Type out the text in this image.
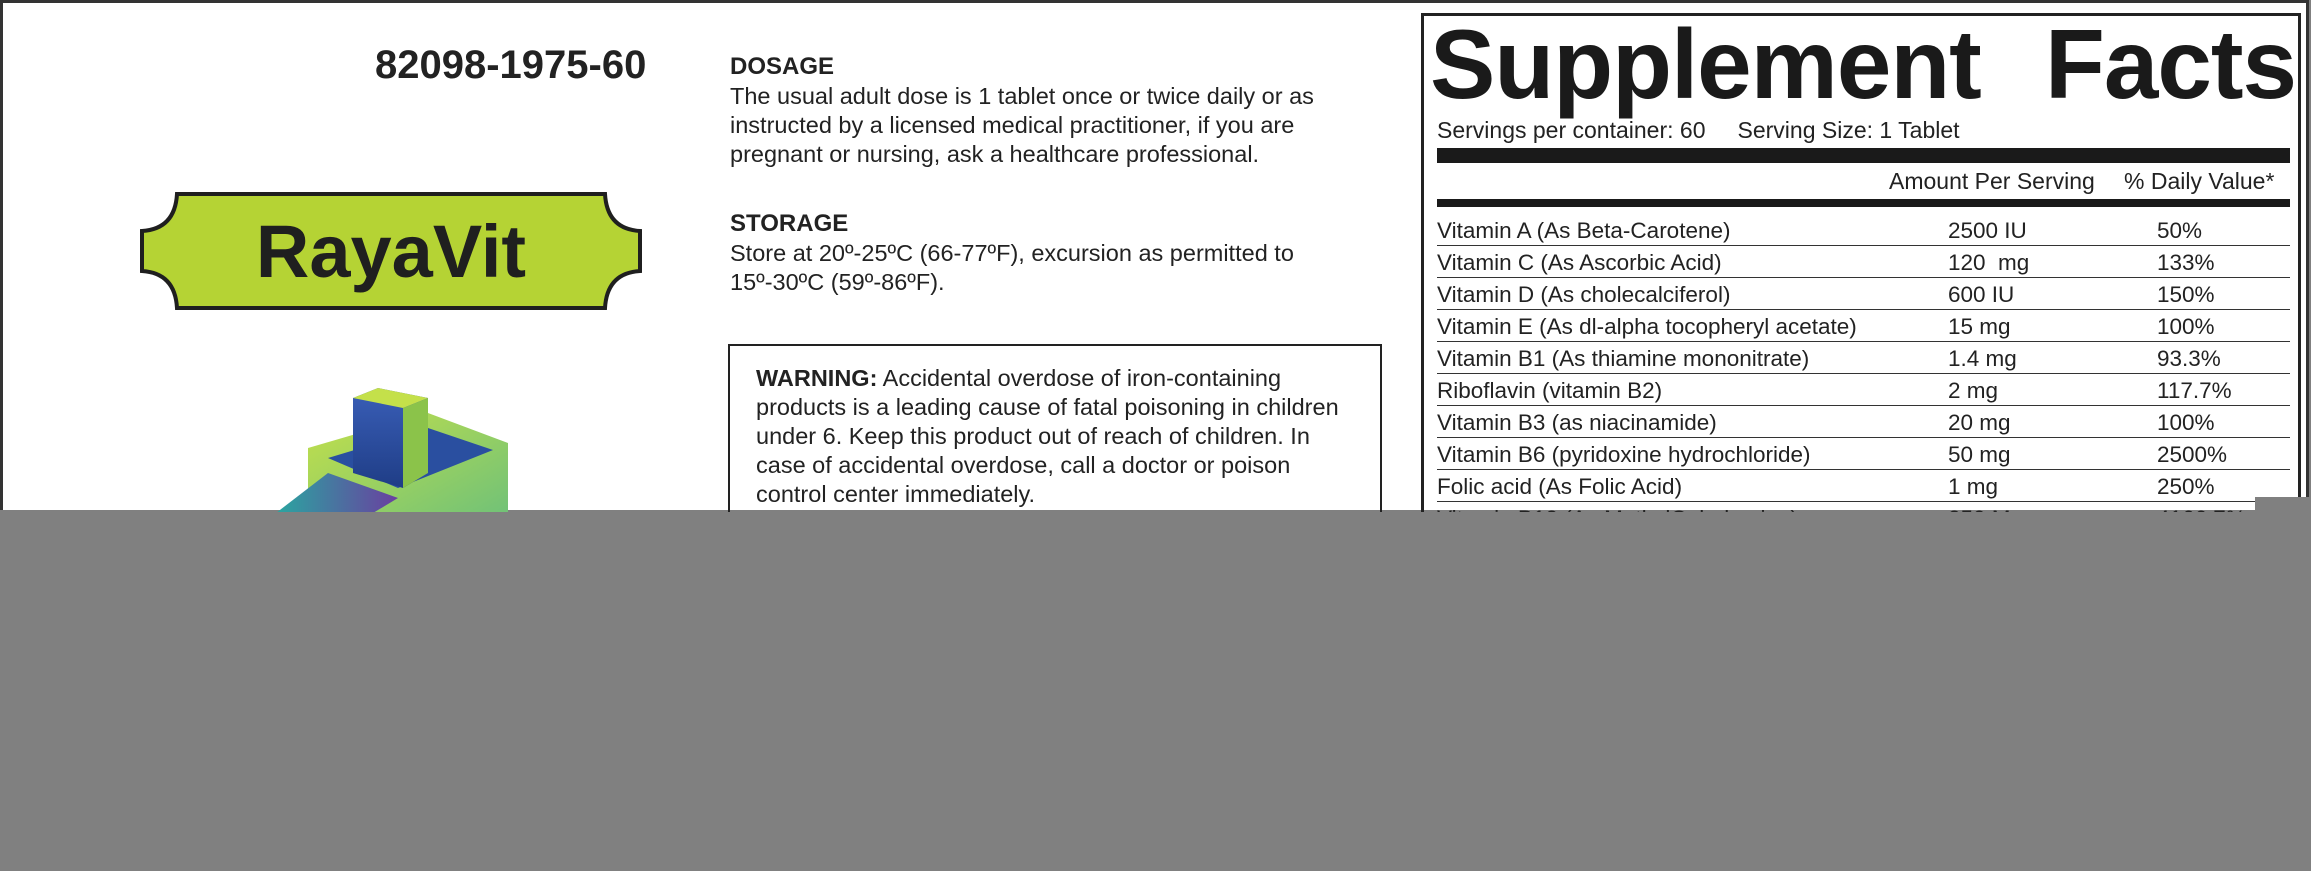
82098-1975-60
RayaVit
DOSAGE
The usual adult dose is 1 tablet once or twice daily or as
instructed by a licensed medical practitioner, if you are
pregnant or nursing, ask a healthcare professional.
STORAGE
Store at 20º-25ºC (66-77ºF), excursion as permitted to
15º-30ºC (59º-86ºF).
WARNING: Accidental overdose of iron-containing
products is a leading cause of fatal poisoning in children
under 6. Keep this product out of reach of children. In
case of accidental overdose, call a doctor or poison
control center immediately.
Supplement Facts
Servings per container: 60 Serving Size: 1 Tablet
Amount Per Serving % Daily Value*
Vitamin A (As Beta-Carotene)	2500 IU	50%
Vitamin C (As Ascorbic Acid)	120  mg	133%
Vitamin D (As cholecalciferol)	600 IU	150%
Vitamin E (As dl-alpha tocopheryl acetate)	15 mg	100%
Vitamin B1 (As thiamine mononitrate)	1.4 mg	93.3%
Riboflavin (vitamin B2)	2 mg	117.7%
Vitamin B3 (as niacinamide)	20 mg	100%
Vitamin B6 (pyridoxine hydrochloride)	50 mg	2500%
Folic acid (As Folic Acid)	1 mg	250%
